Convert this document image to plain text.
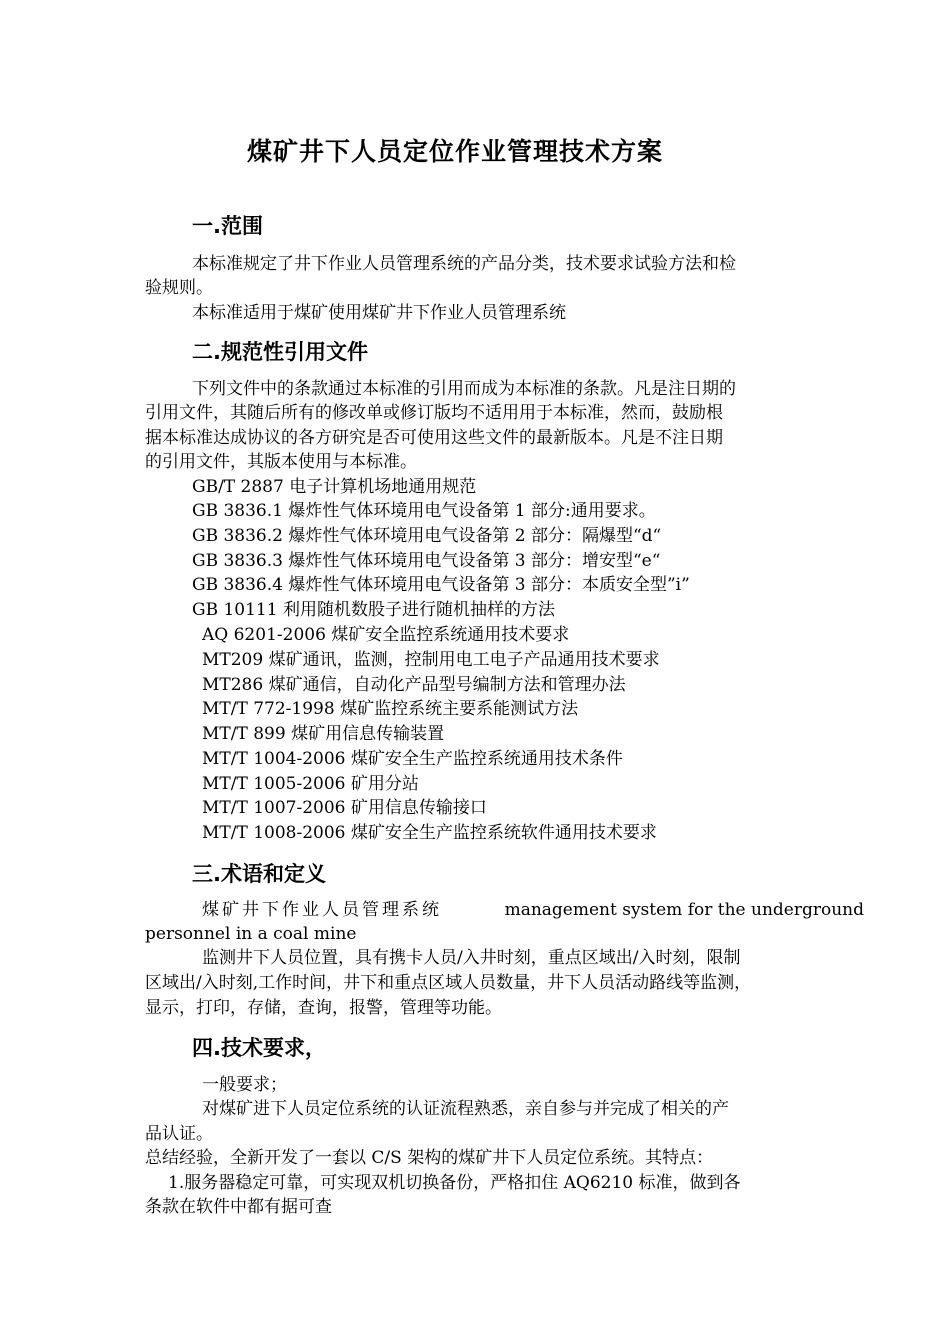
煤矿井下人员定位作业管理技术方案
一.范围
本标准规定了井下作业人员管理系统的产品分类，技术要求试验方法和检
验规则。
本标准适用于煤矿使用煤矿井下作业人员管理系统
二.规范性引用文件
下列文件中的条款通过本标准的引用而成为本标准的条款。凡是注日期的
引用文件，其随后所有的修改单或修订版均不适用用于本标准，然而，鼓励根
据本标准达成协议的各方研究是否可使用这些文件的最新版本。凡是不注日期
的引用文件，其版本使用与本标准。
GB/T 2887 电子计算机场地通用规范
GB 3836.1 爆炸性气体环境用电气设备第 1 部分:通用要求。
GB 3836.2 爆炸性气体环境用电气设备第 2 部分：隔爆型“d“
GB 3836.3 爆炸性气体环境用电气设备第 3 部分：增安型“e“
GB 3836.4 爆炸性气体环境用电气设备第 3 部分：本质安全型”i”
GB 10111 利用随机数股子进行随机抽样的方法
AQ 6201-2006 煤矿安全监控系统通用技术要求
MT209 煤矿通讯，监测，控制用电工电子产品通用技术要求
MT286 煤矿通信，自动化产品型号编制方法和管理办法
MT/T 772-1998 煤矿监控系统主要系能测试方法
MT/T 899 煤矿用信息传输装置
MT/T 1004-2006 煤矿安全生产监控系统通用技术条件
MT/T 1005-2006 矿用分站
MT/T 1007-2006 矿用信息传输接口
MT/T 1008-2006 煤矿安全生产监控系统软件通用技术要求
三.术语和定义
煤矿井下作业人员管理系统	management system for the underground
personnel in a coal mine
监测井下人员位置，具有携卡人员/入井时刻，重点区域出/入时刻，限制
区域出/入时刻,工作时间，井下和重点区域人员数量，井下人员活动路线等监测，
显示，打印，存储，查询，报警，管理等功能。
四.技术要求，
一般要求；
对煤矿进下人员定位系统的认证流程熟悉，亲自参与并完成了相关的产
品认证。
总结经验，全新开发了一套以 C/S 架构的煤矿井下人员定位系统。其特点：
1.服务器稳定可靠，可实现双机切换备份，严格扣住 AQ6210 标准，做到各
条款在软件中都有据可查
